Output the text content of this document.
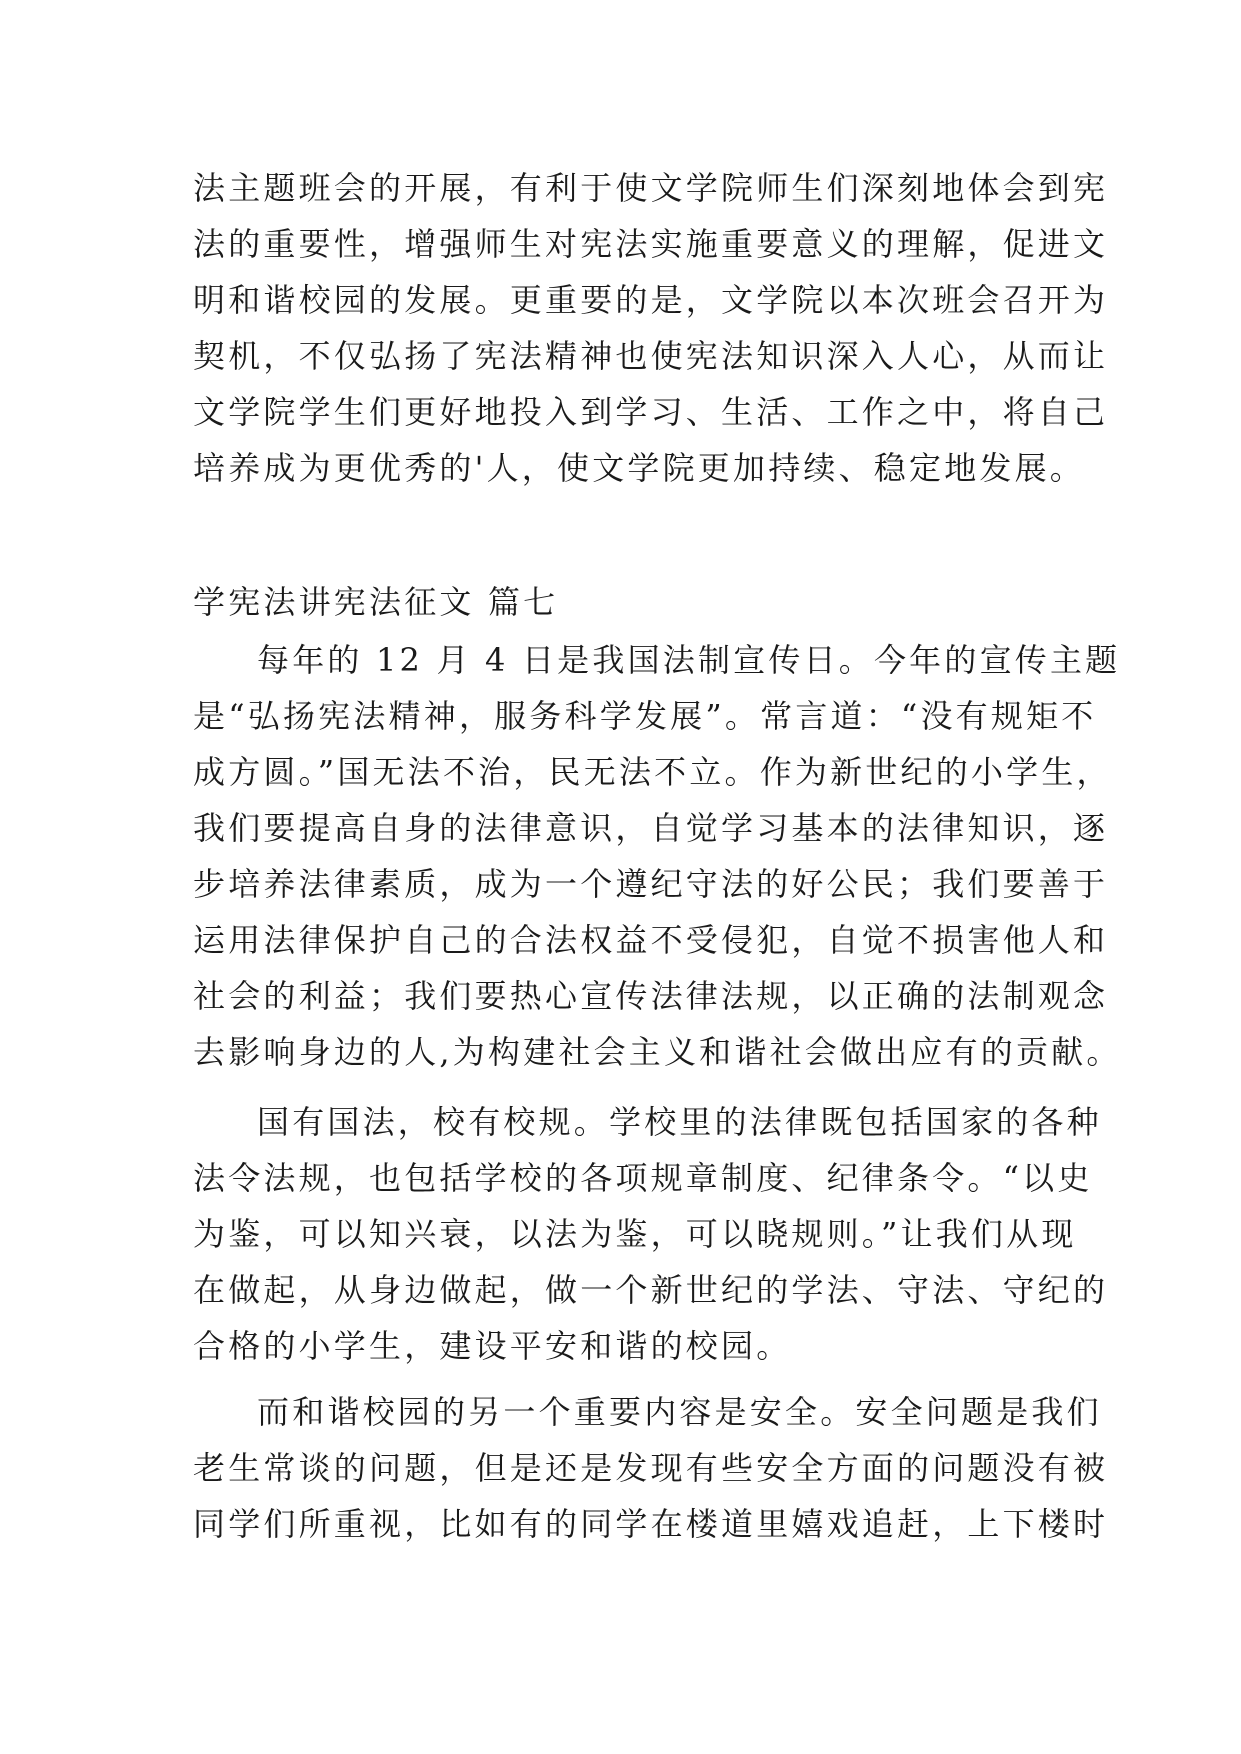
法主题班会的开展，有利于使文学院师生们深刻地体会到宪
法的重要性，增强师生对宪法实施重要意义的理解，促进文
明和谐校园的发展。更重要的是，文学院以本次班会召开为
契机，不仅弘扬了宪法精神也使宪法知识深入人心，从而让
文学院学生们更好地投入到学习、生活、工作之中，将自己
培养成为更优秀的'人，使文学院更加持续、稳定地发展。
学宪法讲宪法征文 篇七
每年的 12 月 4 日是我国法制宣传日。今年的宣传主题
是“弘扬宪法精神，服务科学发展”。常言道：“没有规矩不
成方圆。”国无法不治，民无法不立。作为新世纪的小学生，
我们要提高自身的法律意识，自觉学习基本的法律知识，逐
步培养法律素质，成为一个遵纪守法的好公民；我们要善于
运用法律保护自己的合法权益不受侵犯，自觉不损害他人和
社会的利益；我们要热心宣传法律法规，以正确的法制观念
去影响身边的人,为构建社会主义和谐社会做出应有的贡献。
国有国法，校有校规。学校里的法律既包括国家的各种
法令法规，也包括学校的各项规章制度、纪律条令。“以史
为鉴，可以知兴衰，以法为鉴，可以晓规则。”让我们从现
在做起，从身边做起，做一个新世纪的学法、守法、守纪的
合格的小学生，建设平安和谐的校园。
而和谐校园的另一个重要内容是安全。安全问题是我们
老生常谈的问题，但是还是发现有些安全方面的问题没有被
同学们所重视，比如有的同学在楼道里嬉戏追赶，上下楼时
